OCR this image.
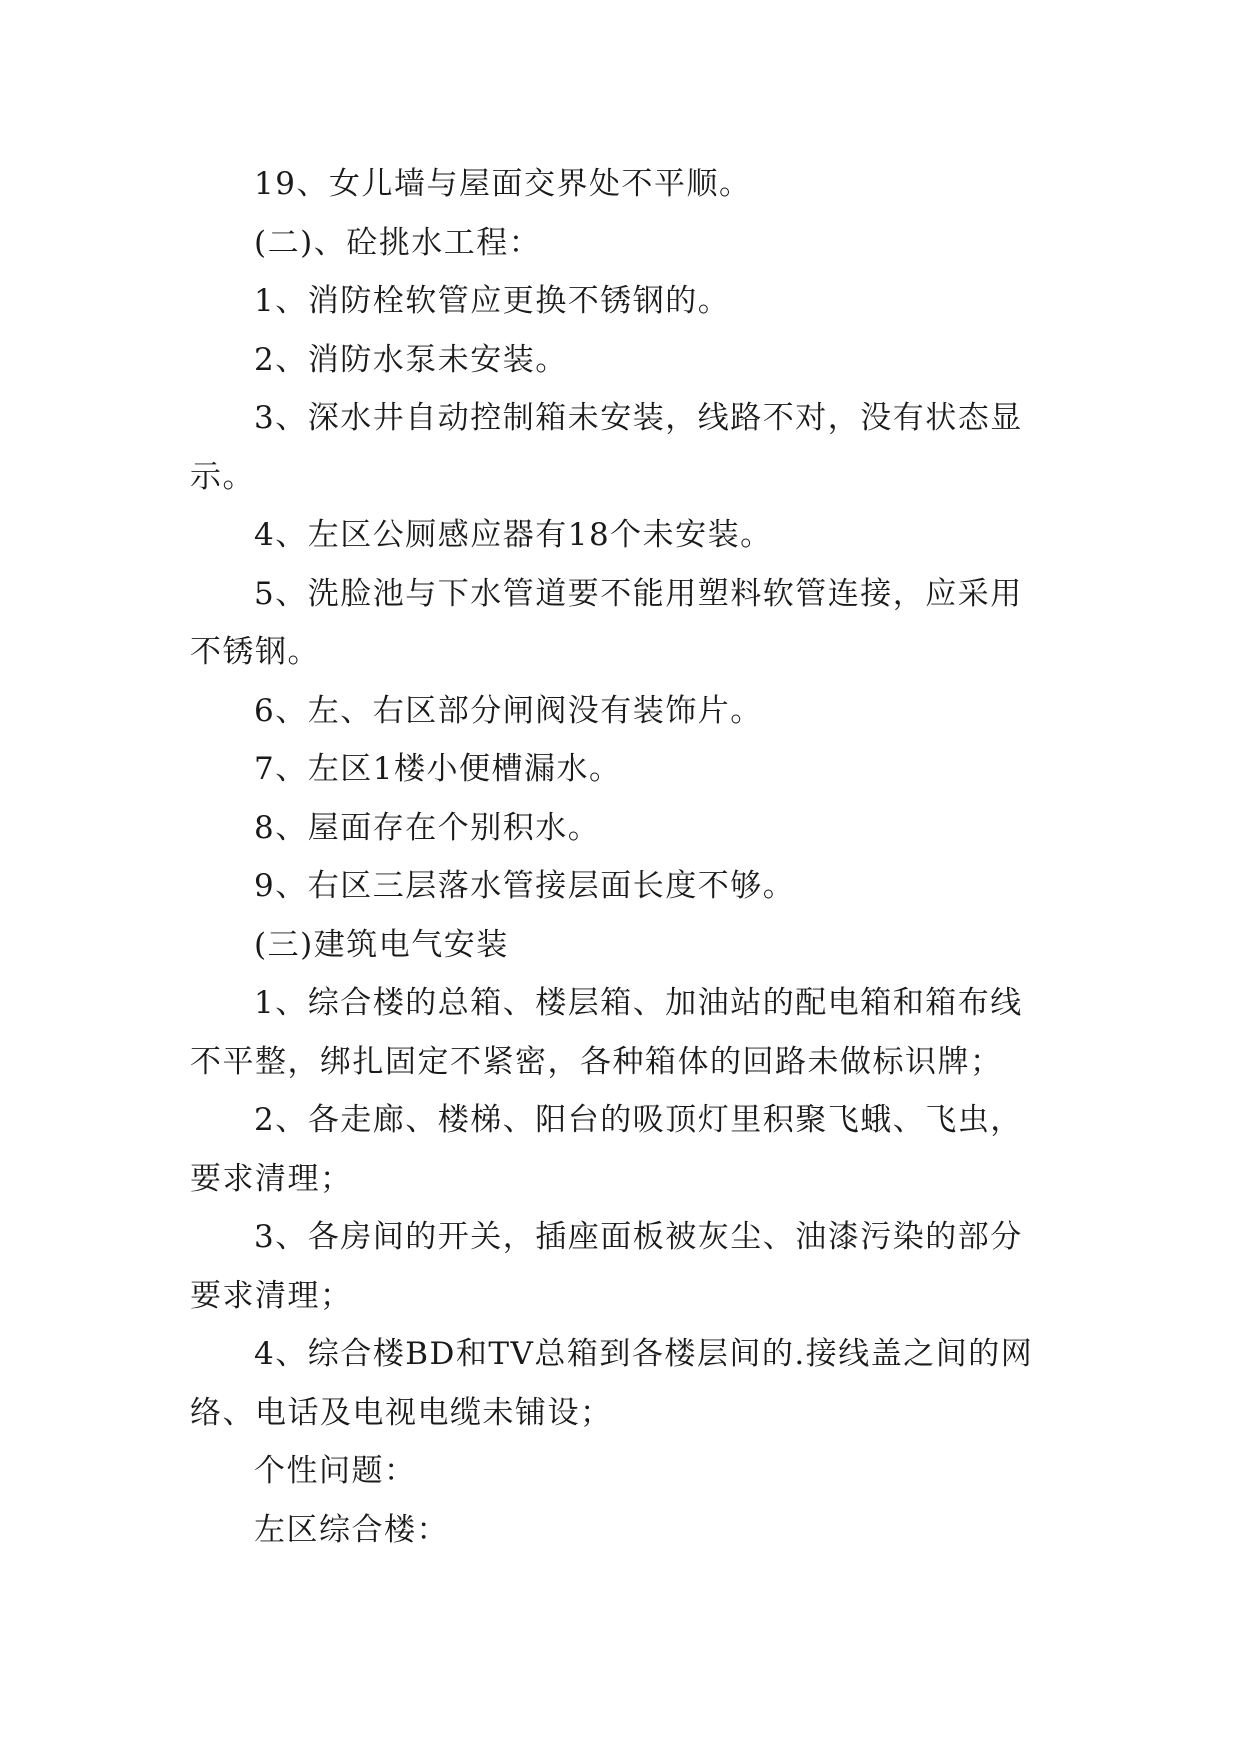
19、女儿墙与屋面交界处不平顺。

(二)、砼挑水工程：

1、消防栓软管应更换不锈钢的。

2、消防水泵未安装。

3、深水井自动控制箱未安装，线路不对，没有状态显示。

4、左区公厕感应器有18个未安装。

5、洗脸池与下水管道要不能用塑料软管连接，应采用不锈钢。

6、左、右区部分闸阀没有装饰片。

7、左区1楼小便槽漏水。

8、屋面存在个别积水。

9、右区三层落水管接层面长度不够。

(三)建筑电气安装

1、综合楼的总箱、楼层箱、加油站的配电箱和箱布线不平整，绑扎固定不紧密，各种箱体的回路未做标识牌；

2、各走廊、楼梯、阳台的吸顶灯里积聚飞蛾、飞虫，要求清理；

3、各房间的开关，插座面板被灰尘、油漆污染的部分要求清理；

4、综合楼BD和TV总箱到各楼层间的.接线盖之间的网络、电话及电视电缆未铺设；

个性问题：

左区综合楼：
